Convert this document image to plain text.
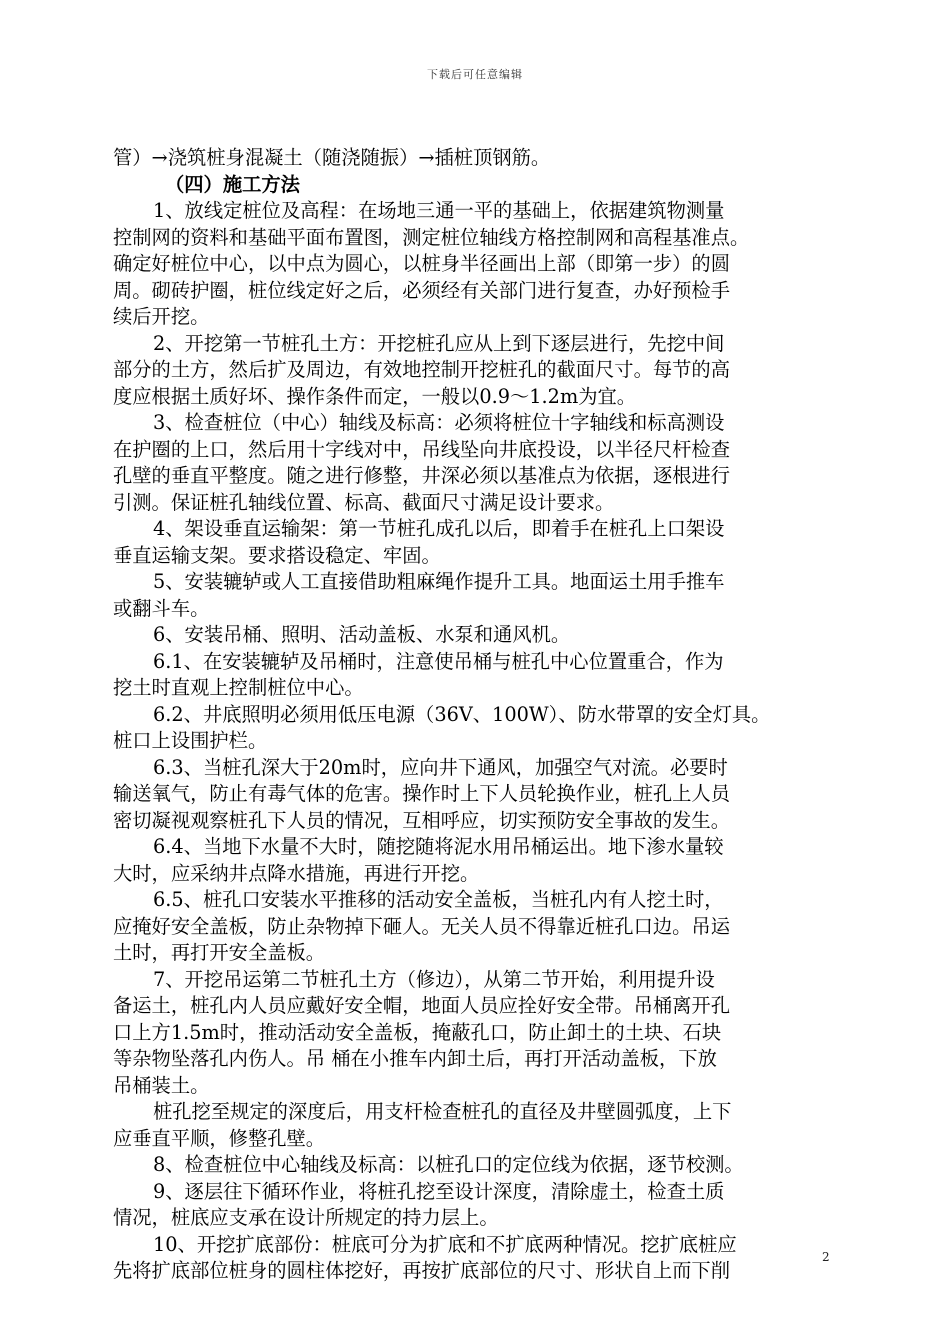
下载后可任意编辑
管）→浇筑桩身混凝土（随浇随振）→插桩顶钢筋。
（四）施工方法
1、放线定桩位及高程：在场地三通一平的基础上，依据建筑物测量
控制网的资料和基础平面布置图，测定桩位轴线方格控制网和高程基准点。
确定好桩位中心，以中点为圆心，以桩身半径画出上部（即第一步）的圆
周。砌砖护圈，桩位线定好之后，必须经有关部门进行复查，办好预检手
续后开挖。
2、开挖第一节桩孔土方：开挖桩孔应从上到下逐层进行，先挖中间
部分的土方，然后扩及周边，有效地控制开挖桩孔的截面尺寸。每节的高
度应根据土质好坏、操作条件而定，一般以0.9～1.2m为宜。
3、检查桩位（中心）轴线及标高：必须将桩位十字轴线和标高测设
在护圈的上口，然后用十字线对中，吊线坠向井底投设，以半径尺杆检查
孔壁的垂直平整度。随之进行修整，井深必须以基准点为依据，逐根进行
引测。保证桩孔轴线位置、标高、截面尺寸满足设计要求。
4、架设垂直运输架：第一节桩孔成孔以后，即着手在桩孔上口架设
垂直运输支架。要求搭设稳定、牢固。
5、安装辘轳或人工直接借助粗麻绳作提升工具。地面运土用手推车
或翻斗车。
6、安装吊桶、照明、活动盖板、水泵和通风机。
6.1、在安装辘轳及吊桶时，注意使吊桶与桩孔中心位置重合，作为
挖土时直观上控制桩位中心。
6.2、井底照明必须用低压电源（36V、100W）、防水带罩的安全灯具。
桩口上设围护栏。
6.3、当桩孔深大于20m时，应向井下通风，加强空气对流。必要时
输送氧气，防止有毒气体的危害。操作时上下人员轮换作业，桩孔上人员
密切凝视观察桩孔下人员的情况，互相呼应，切实预防安全事故的发生。
6.4、当地下水量不大时，随挖随将泥水用吊桶运出。地下渗水量较
大时，应采纳井点降水措施，再进行开挖。
6.5、桩孔口安装水平推移的活动安全盖板，当桩孔内有人挖土时，
应掩好安全盖板，防止杂物掉下砸人。无关人员不得靠近桩孔口边。吊运
土时，再打开安全盖板。
7、开挖吊运第二节桩孔土方（修边），从第二节开始，利用提升设
备运土，桩孔内人员应戴好安全帽，地面人员应拴好安全带。吊桶离开孔
口上方1.5m时，推动活动安全盖板，掩蔽孔口，防止卸土的土块、石块
等杂物坠落孔内伤人。吊 桶在小推车内卸土后，再打开活动盖板，下放
吊桶装土。
桩孔挖至规定的深度后，用支杆检查桩孔的直径及井壁圆弧度，上下
应垂直平顺，修整孔壁。
8、检查桩位中心轴线及标高：以桩孔口的定位线为依据，逐节校测。
9、逐层往下循环作业，将桩孔挖至设计深度，清除虚土，检查土质
情况，桩底应支承在设计所规定的持力层上。
10、开挖扩底部份：桩底可分为扩底和不扩底两种情况。挖扩底桩应
先将扩底部位桩身的圆柱体挖好，再按扩底部位的尺寸、形状自上而下削
2
